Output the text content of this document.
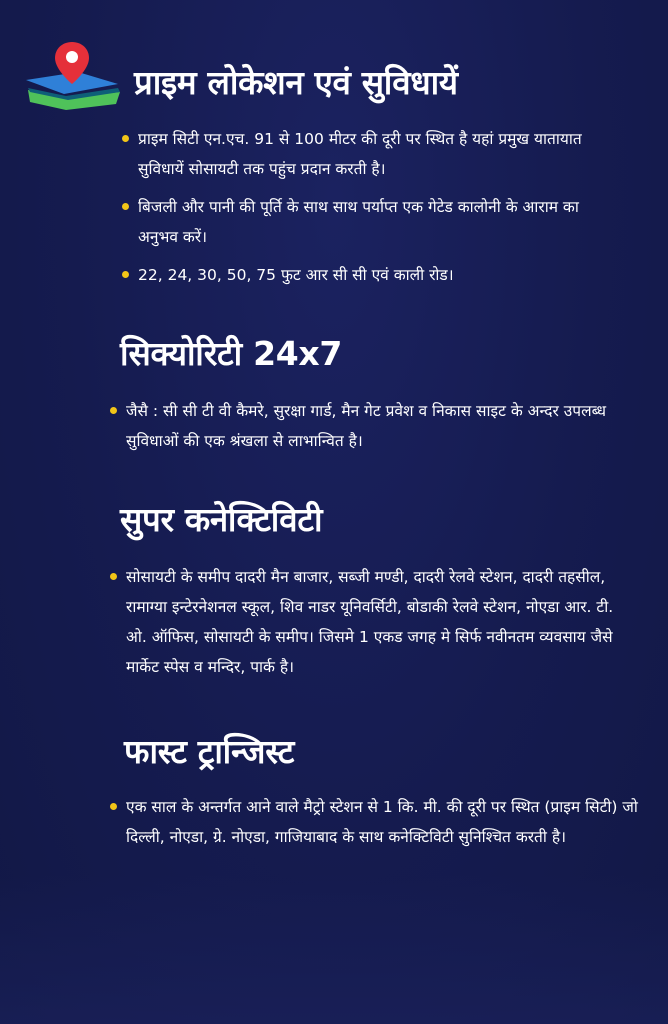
प्राइम लोकेशन एवं सुविधायें
प्राइम सिटी एन.एच. 91 से 100 मीटर की दूरी पर स्थित है यहां प्रमुख यातायात सुविधायें सोसायटी तक पहुंच प्रदान करती है।
बिजली और पानी की पूर्ति के साथ साथ पर्याप्त एक गेटेड कालोनी के आराम का अनुभव करें।
22, 24, 30, 50, 75 फुट आर सी सी एवं काली रोड।
सिक्योरिटी 24x7
जैसै : सी सी टी वी कैमरे, सुरक्षा गार्ड, मैन गेट प्रवेश व निकास साइट के अन्दर उपलब्ध सुविधाओं की एक श्रंखला से लाभान्वित है।
सुपर कनेक्टिविटी
सोसायटी के समीप दादरी मैन बाजार, सब्जी मण्डी, दादरी रेलवे स्टेशन, दादरी तहसील, रामाग्या इन्टेरनेशनल स्कूल, शिव नाडर यूनिवर्सिटी, बोडाकी रेलवे स्टेशन, नोएडा आर. टी. ओ. ऑफिस, सोसायटी के समीप। जिसमे 1 एकड जगह मे सिर्फ नवीनतम व्यवसाय जैसे मार्केट स्पेस व मन्दिर, पार्क है।
फास्ट ट्रान्जिस्ट
एक साल के अन्तर्गत आने वाले मैट्रो स्टेशन से 1 कि. मी. की दूरी पर स्थित (प्राइम सिटी) जो दिल्ली, नोएडा, ग्रे. नोएडा, गाजियाबाद के साथ कनेक्टिविटी सुनिश्चित करती है।
